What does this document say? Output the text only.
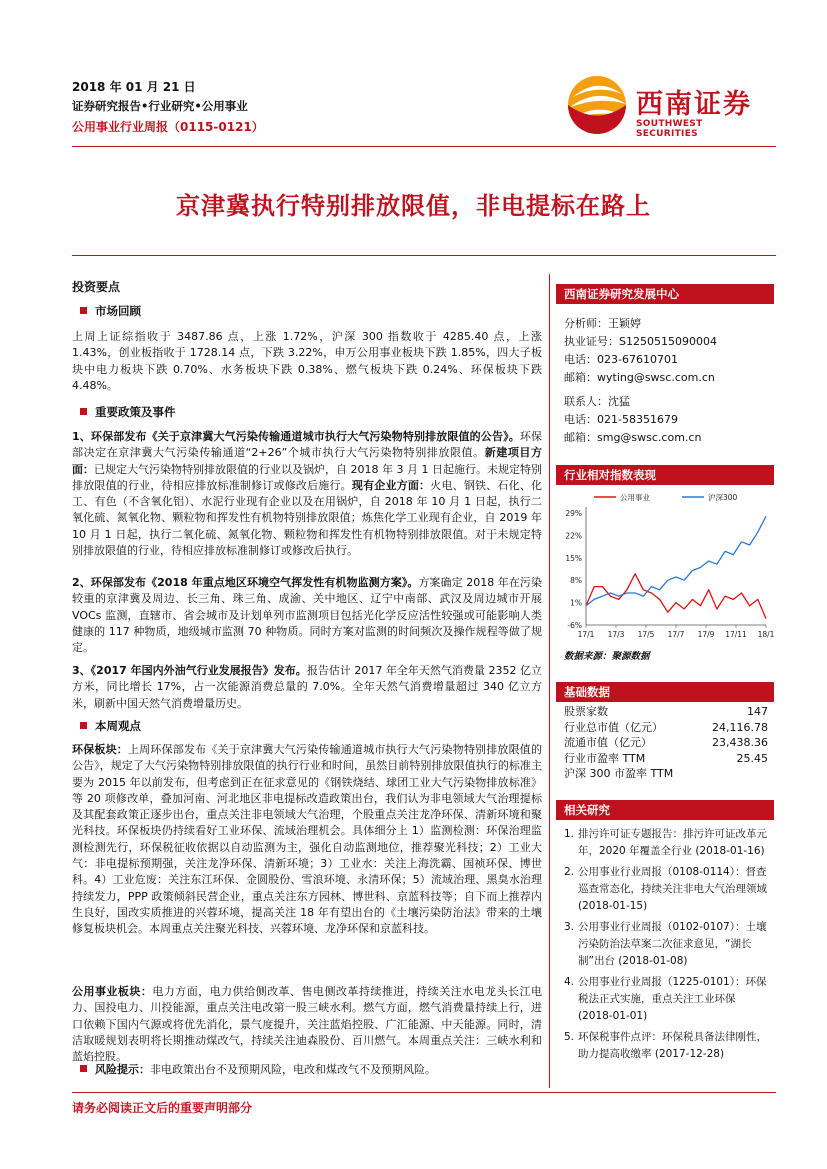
2018 年 01 月 21 日
证券研究报告•行业研究•公用事业
公用事业行业周报（0115-0121）
西南证券
SOUTHWEST SECURITIES
京津冀执行特别排放限值，非电提标在路上
投资要点
市场回顾
上周上证综指收于 3487.86 点，上涨 1.72%，沪深 300 指数收于 4285.40 点，上涨 1.43%，创业板指收于 1728.14 点，下跌 3.22%，申万公用事业板块下跌 1.85%，四大子板块中电力板块下跌 0.70%、水务板块下跌 0.38%、燃气板块下跌 0.24%、环保板块下跌 4.48%。
重要政策及事件
1、环保部发布《关于京津冀大气污染传输通道城市执行大气污染物特别排放限值的公告》。环保部决定在京津冀大气污染传输通道“2+26”个城市执行大气污染物特别排放限值。新建项目方面：已规定大气污染物特别排放限值的行业以及锅炉，自 2018 年 3 月 1 日起施行。未规定特别排放限值的行业，待相应排放标准制修订或修改后施行。现有企业方面：火电、钢铁、石化、化工、有色（不含氧化铝）、水泥行业现有企业以及在用锅炉，自 2018 年 10 月 1 日起，执行二氧化硫、氮氧化物、颗粒物和挥发性有机物特别排放限值；炼焦化学工业现有企业，自 2019 年 10 月 1 日起，执行二氧化硫、氮氧化物、颗粒物和挥发性有机物特别排放限值。对于未规定特别排放限值的行业，待相应排放标准制修订或修改后执行。
2、环保部发布《2018 年重点地区环境空气挥发性有机物监测方案》。方案确定 2018 年在污染较重的京津冀及周边、长三角、珠三角、成渝、关中地区、辽宁中南部、武汉及周边城市开展 VOCs 监测，直辖市、省会城市及计划单列市监测项目包括光化学反应活性较强或可能影响人类健康的 117 种物质，地级城市监测 70 种物质。同时方案对监测的时间频次及操作规程等做了规定。
3、《2017 年国内外油气行业发展报告》发布。报告估计 2017 年全年天然气消费量 2352 亿立方米，同比增长 17%，占一次能源消费总量的 7.0%。全年天然气消费增量超过 340 亿立方米，刷新中国天然气消费增量历史。
本周观点
环保板块：上周环保部发布《关于京津冀大气污染传输通道城市执行大气污染物特别排放限值的公告》，规定了大气污染物特别排放限值的执行行业和时间，虽然目前特别排放限值执行的标准主要为 2015 年以前发布，但考虑到正在征求意见的《钢铁烧结、球团工业大气污染物排放标准》等 20 项修改单，叠加河南、河北地区非电提标改造政策出台，我们认为非电领域大气治理提标及其配套政策正逐步出台，重点关注非电领域大气治理，个股重点关注龙净环保、清新环境和聚光科技。环保板块仍持续看好工业环保、流域治理机会。具体细分上 1）监测检测：环保治理监测检测先行，环保税征收依据以自动监测为主，强化自动监测地位，推荐聚光科技；2）工业大气：非电提标预期强，关注龙净环保、清新环境；3）工业水：关注上海洗霸、国祯环保、博世科。4）工业危废：关注东江环保、金圆股份、雪浪环境、永清环保；5）流域治理、黑臭水治理持续发力，PPP 政策倾斜民营企业，重点关注东方园林、博世科、京蓝科技等；自下而上推荐内生良好，国改实质推进的兴蓉环境，提高关注 18 年有望出台的《土壤污染防治法》带来的土壤修复板块机会。本周重点关注聚光科技、兴蓉环境、龙净环保和京蓝科技。
公用事业板块：电力方面，电力供给侧改革、售电侧改革持续推进，持续关注水电龙头长江电力、国投电力、川投能源，重点关注电改第一股三峡水利。燃气方面，燃气消费量持续上行，进口依赖下国内气源或将优先消化，景气度提升，关注蓝焰控股、广汇能源、中天能源。同时，清洁取暖规划表明将长期推动煤改气，持续关注迪森股份、百川燃气。本周重点关注：三峡水利和蓝焰控股。
风险提示：非电政策出台不及预期风险，电改和煤改气不及预期风险。
西南证券研究发展中心
分析师：王颖婷
执业证号：S1250515090004
电话：023-67610701
邮箱：wyting@swsc.com.cn
联系人：沈猛
电话：021-58351679
邮箱：smg@swsc.com.cn
行业相对指数表现
29%
22%
15%
8%
1%
-6%
17/1 17/3 17/5 17/7 17/9 17/11 18/1
公用事业	沪深300
数据来源：聚源数据
基础数据
股票家数	147
行业总市值（亿元）	24,116.78
流通市值（亿元）	23,438.36
行业市盈率 TTM	25.45
沪深 300 市盈率 TTM
相关研究
1. 排污许可证专题报告：排污许可证改革元年，2020 年覆盖全行业 (2018-01-16)
2. 公用事业行业周报（0108-0114）：督查巡查常态化，持续关注非电大气治理领域 (2018-01-15)
3. 公用事业行业周报（0102-0107）：土壤污染防治法草案二次征求意见，“湖长制”出台 (2018-01-08)
4. 公用事业行业周报（1225-0101）：环保税法正式实施，重点关注工业环保 (2018-01-01)
5. 环保税事件点评：环保税具备法律刚性，助力提高收缴率 (2017-12-28)
请务必阅读正文后的重要声明部分
